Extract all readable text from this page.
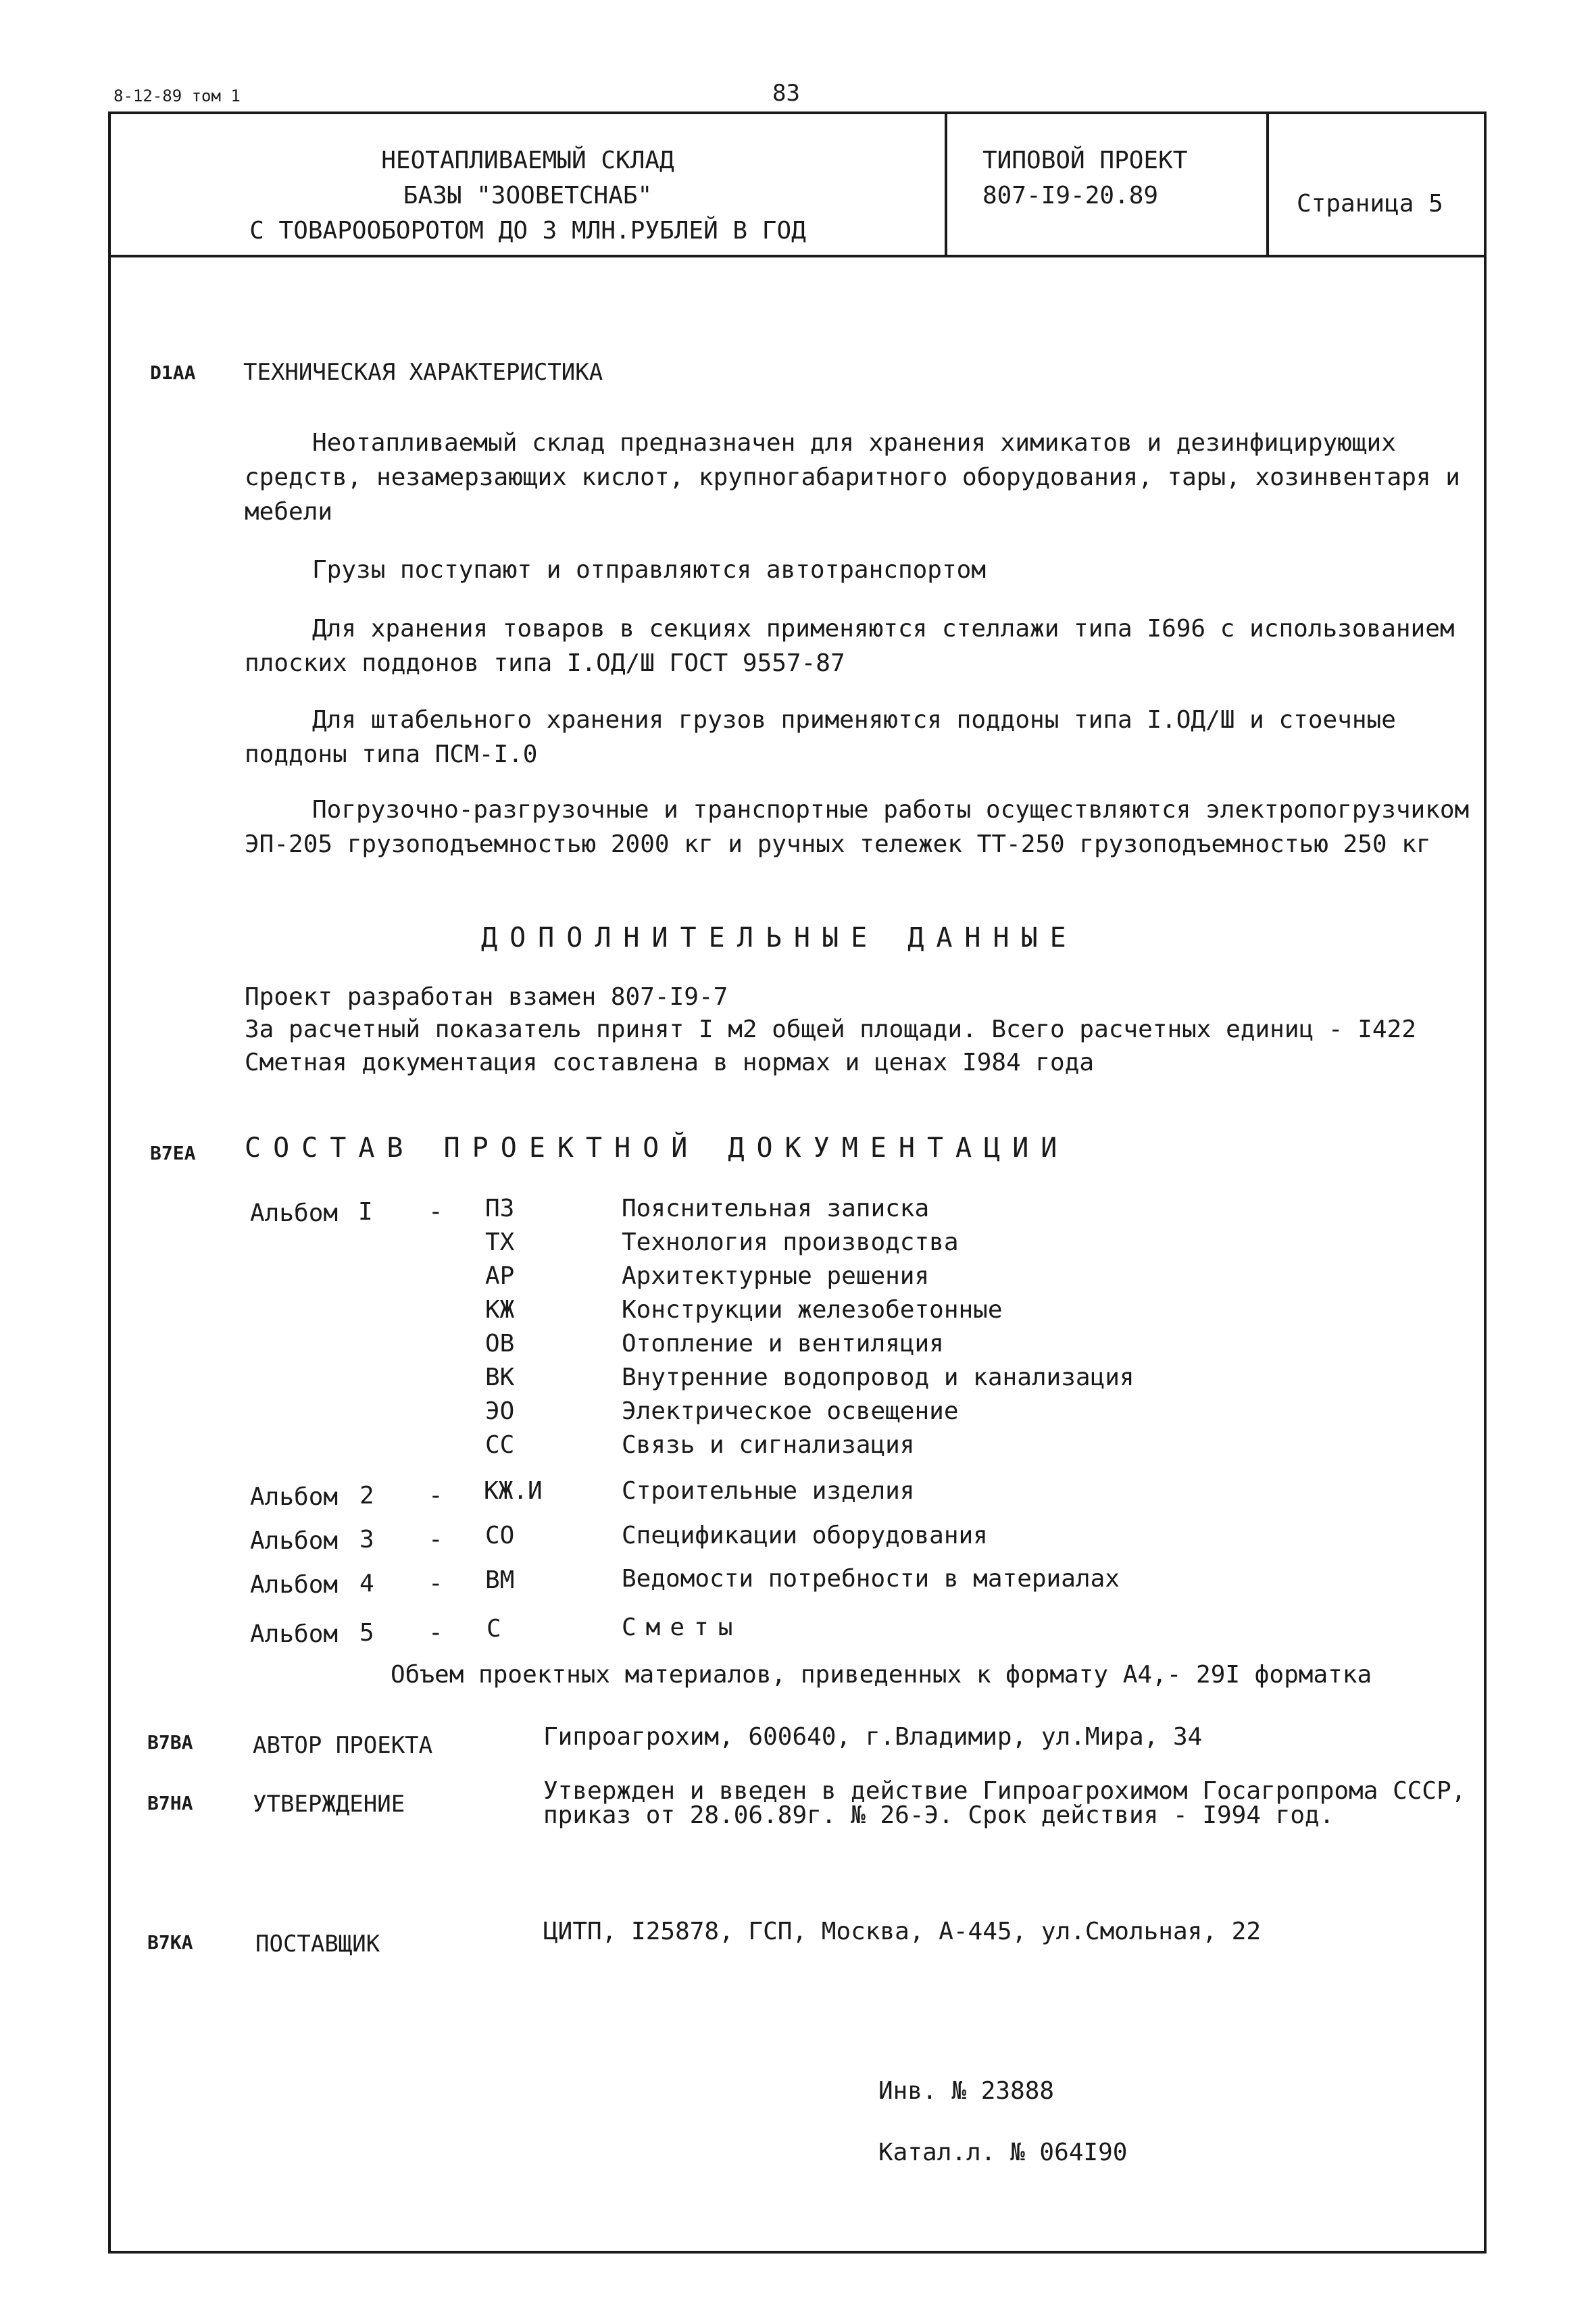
8-12-89 том 1	83
НЕОТАПЛИВАЕМЫЙ СКЛАД
БАЗЫ "ЗООВЕТСНАБ"
С ТОВАРООБОРОТОМ ДО 3 МЛН.РУБЛЕЙ В ГОД
ТИПОВОЙ ПРОЕКТ
807-I9-20.89	Страница 5
D1AA ТЕХНИЧЕСКАЯ ХАРАКТЕРИСТИКА
Неотапливаемый склад предназначен для хранения химикатов и дезинфицирующих
средств, незамерзающих кислот, крупногабаритного оборудования, тары, хозинвентаря и
мебели
Грузы поступают и отправляются автотранспортом
Для хранения товаров в секциях применяются стеллажи типа I696 с использованием
плоских поддонов типа I.ОД/Ш ГОСТ 9557-87
Для штабельного хранения грузов применяются поддоны типа I.ОД/Ш и стоечные
поддоны типа ПСМ-I.0
Погрузочно-разгрузочные и транспортные работы осуществляются электропогрузчиком
ЭП-205 грузоподъемностью 2000 кг и ручных тележек ТТ-250 грузоподъемностью 250 кг
ДОПОЛНИТЕЛЬНЫЕ ДАННЫЕ
Проект разработан взамен 807-I9-7
За расчетный показатель принят I м2 общей площади. Всего расчетных единиц - I422
Сметная документация составлена в нормах и ценах I984 года
B7EA СОСТАВ ПРОЕКТНОЙ ДОКУМЕНТАЦИИ
Альбом I - ПЗ	Пояснительная записка
ТХ	Технология производства
АР	Архитектурные решения
КЖ	Конструкции железобетонные
ОВ	Отопление и вентиляция
ВК	Внутренние водопровод и канализация
ЭО	Электрическое освещение
СС	Связь и сигнализация
Альбом 2 - КЖ.И	Строительные изделия
Альбом 3 - СО	Спецификации оборудования
Альбом 4 - ВМ	Ведомости потребности в материалах
Альбом 5 - С	Сметы
Объем проектных материалов, приведенных к формату А4,- 29I форматка
B7BA	АВТОР ПРОЕКТА	Гипроагрохим, 600640, г.Владимир, ул.Мира, 34
B7HA	УТВЕРЖДЕНИЕ	Утвержден и введен в действие Гипроагрохимом Госагропрома СССР,
приказ от 28.06.89г. № 26-Э. Срок действия - I994 год.
B7KA	ПОСТАВЩИК	ЦИТП, I25878, ГСП, Москва, А-445, ул.Смольная, 22
Инв. № 23888
Катал.л. № 064I90
